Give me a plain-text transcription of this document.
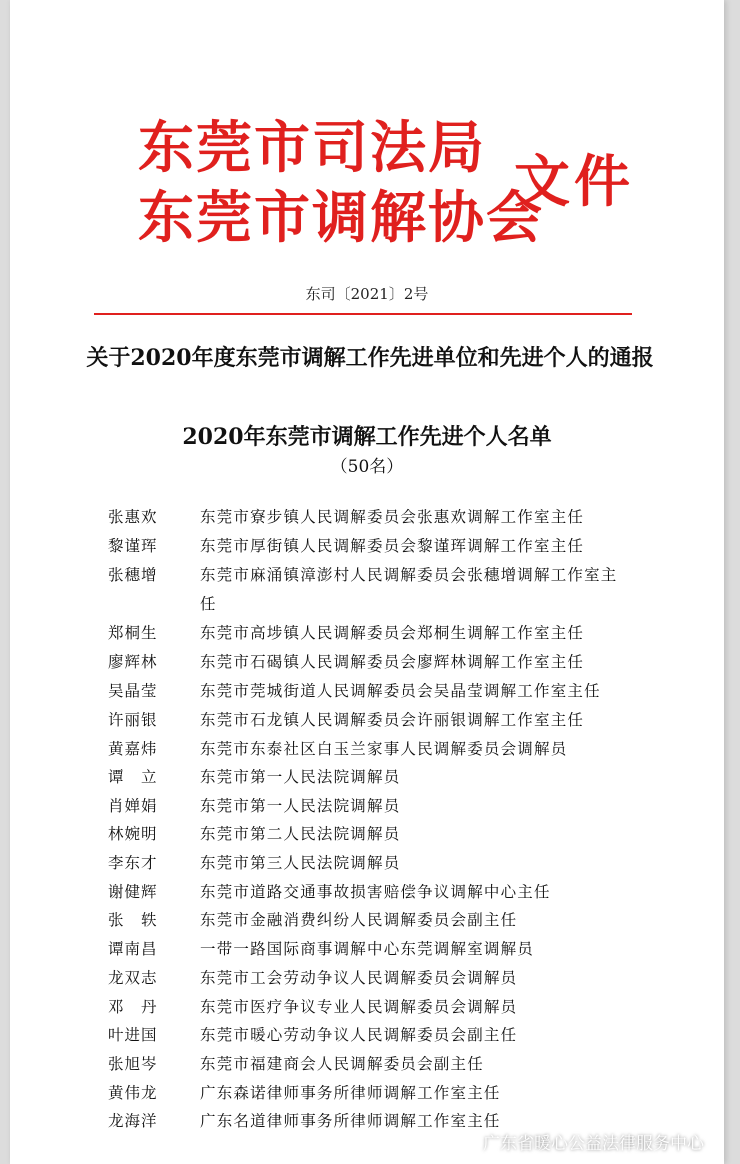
东莞市司法局
东莞市调解协会
文件
东司〔2021〕2号
关于2020年度东莞市调解工作先进单位和先进个人的通报
2020年东莞市调解工作先进个人名单
（50名）
张惠欢	东莞市寮步镇人民调解委员会张惠欢调解工作室主任
黎谨珲	东莞市厚街镇人民调解委员会黎谨珲调解工作室主任
张穗增	东莞市麻涌镇漳澎村人民调解委员会张穗增调解工作室主任
郑桐生	东莞市高埗镇人民调解委员会郑桐生调解工作室主任
廖辉林	东莞市石碣镇人民调解委员会廖辉林调解工作室主任
吴晶莹	东莞市莞城街道人民调解委员会吴晶莹调解工作室主任
许丽银	东莞市石龙镇人民调解委员会许丽银调解工作室主任
黄嘉炜	东莞市东泰社区白玉兰家事人民调解委员会调解员
谭　立	东莞市第一人民法院调解员
肖婵娟	东莞市第一人民法院调解员
林婉明	东莞市第二人民法院调解员
李东才	东莞市第三人民法院调解员
谢健辉	东莞市道路交通事故损害赔偿争议调解中心主任
张　轶	东莞市金融消费纠纷人民调解委员会副主任
谭南昌	一带一路国际商事调解中心东莞调解室调解员
龙双志	东莞市工会劳动争议人民调解委员会调解员
邓　丹	东莞市医疗争议专业人民调解委员会调解员
叶进国	东莞市暖心劳动争议人民调解委员会副主任
张旭岑	东莞市福建商会人民调解委员会副主任
黄伟龙	广东森诺律师事务所律师调解工作室主任
龙海洋	广东名道律师事务所律师调解工作室主任
广东省暖心公益法律服务中心
